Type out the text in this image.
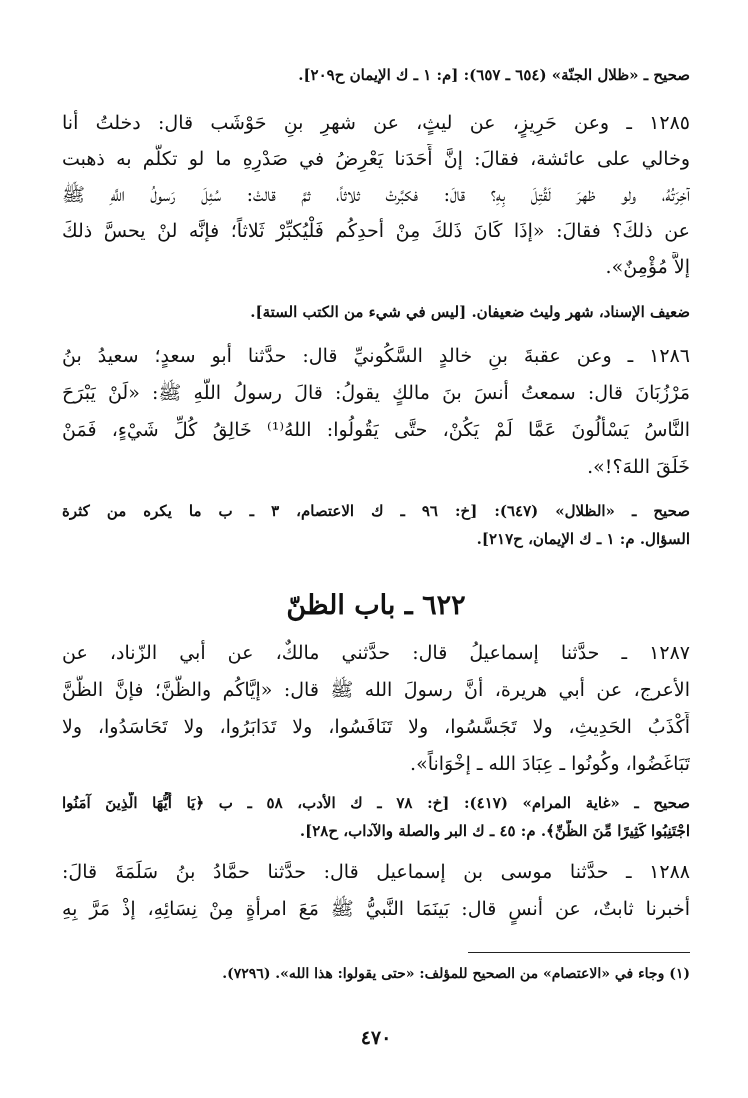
صحيح ـ «ظلال الجنّة» (٦٥٤ ـ ٦٥٧): [م: ١ ـ ك الإيمان ح٢٠٩].
١٢٨٥ ـ وعن حَرِيزٍ، عن ليثٍ، عن شهرِ بنِ حَوْشَب قال: دخلتُ أنا
وخالي على عائشة، فقالَ: إنَّ أَحَدَنا يَعْرِضُ في صَدْرِهِ ما لو تكلَّم به ذهبت
آخِرَتُهُ، ولو ظهرَ لَقُتِلَ بِهِ؟ قالَ: فكبَّرتْ ثلاثاً، ثمَّ قالتْ: سُئِلَ رَسولُ اللَّهِ ﷺ
عن ذلكَ؟ فقالَ: «إذَا كَانَ ذَلكَ مِنْ أحدِكُم فَلْيُكبِّرْ ثَلاثاً؛ فإنَّه لنْ يحسَّ ذلكَ
إلاَّ مُؤْمِنٌ».
ضعيف الإسناد، شهر وليث ضعيفان. [ليس في شيء من الكتب الستة].
١٢٨٦ ـ وعن عقبةَ بنِ خالدٍ السَّكُونيِّ قال: حدَّثنا أبو سعدٍ؛ سعيدُ بنُ
مَرْزُبَانَ قال: سمعتُ أنسَ بنَ مالكٍ يقولُ: قالَ رسولُ اللَّهِ ﷺ: «لَنْ يَبْرَحَ
النَّاسُ يَسْأَلُونَ عَمَّا لَمْ يَكُنْ، حتَّى يَقُولُوا: اللهُ⁽¹⁾ خَالِقُ كُلِّ شَيْءٍ، فَمَنْ
خَلَقَ اللهَ؟!».
صحيح ـ «الظلال» (٦٤٧): [خ: ٩٦ ـ ك الاعتصام، ٣ ـ ب ما يكره من كثرة
السؤال. م: ١ ـ ك الإيمان، ح٢١٧].
٦٢٢ ـ باب الظنّ
١٢٨٧ ـ حدَّثنا إسماعيلُ قال: حدَّثني مالكٌ، عن أبي الزّناد، عن
الأعرج، عن أبي هريرة، أنَّ رسولَ الله ﷺ قال: «إيَّاكُم والظَّنَّ؛ فإنَّ الظَّنَّ
أَكْذَبُ الحَدِيثِ، ولا تَجَسَّسُوا، ولا تَنَافَسُوا، ولا تَدَابَرُوا، ولا تَحَاسَدُوا، ولا
تَبَاغَضُوا، وكُونُوا ـ عِبَادَ الله ـ إخْوَاناً».
صحيح ـ «غاية المرام» (٤١٧): [خ: ٧٨ ـ ك الأدب، ٥٨ ـ ب ﴿يَا أَيُّهَا الَّذِينَ آمَنُوا
اجْتَنِبُوا كَثِيرًا مِّنَ الظَّنِّ﴾. م: ٤٥ ـ ك البر والصلة والآداب، ح٢٨].
١٢٨٨ ـ حدَّثنا موسى بن إسماعيل قال: حدَّثنا حمَّادُ بنُ سَلَمَةَ قالَ:
أخبرنا ثابتٌ، عن أنسٍ قال: بَينَمَا النَّبيُّ ﷺ مَعَ امرأةٍ مِنْ نِسَائِهِ، إذْ مَرَّ بِهِ
(١) وجاء في «الاعتصام» من الصحيح للمؤلف: «حتى يقولوا: هذا الله». (٧٢٩٦).
٤٧٠
